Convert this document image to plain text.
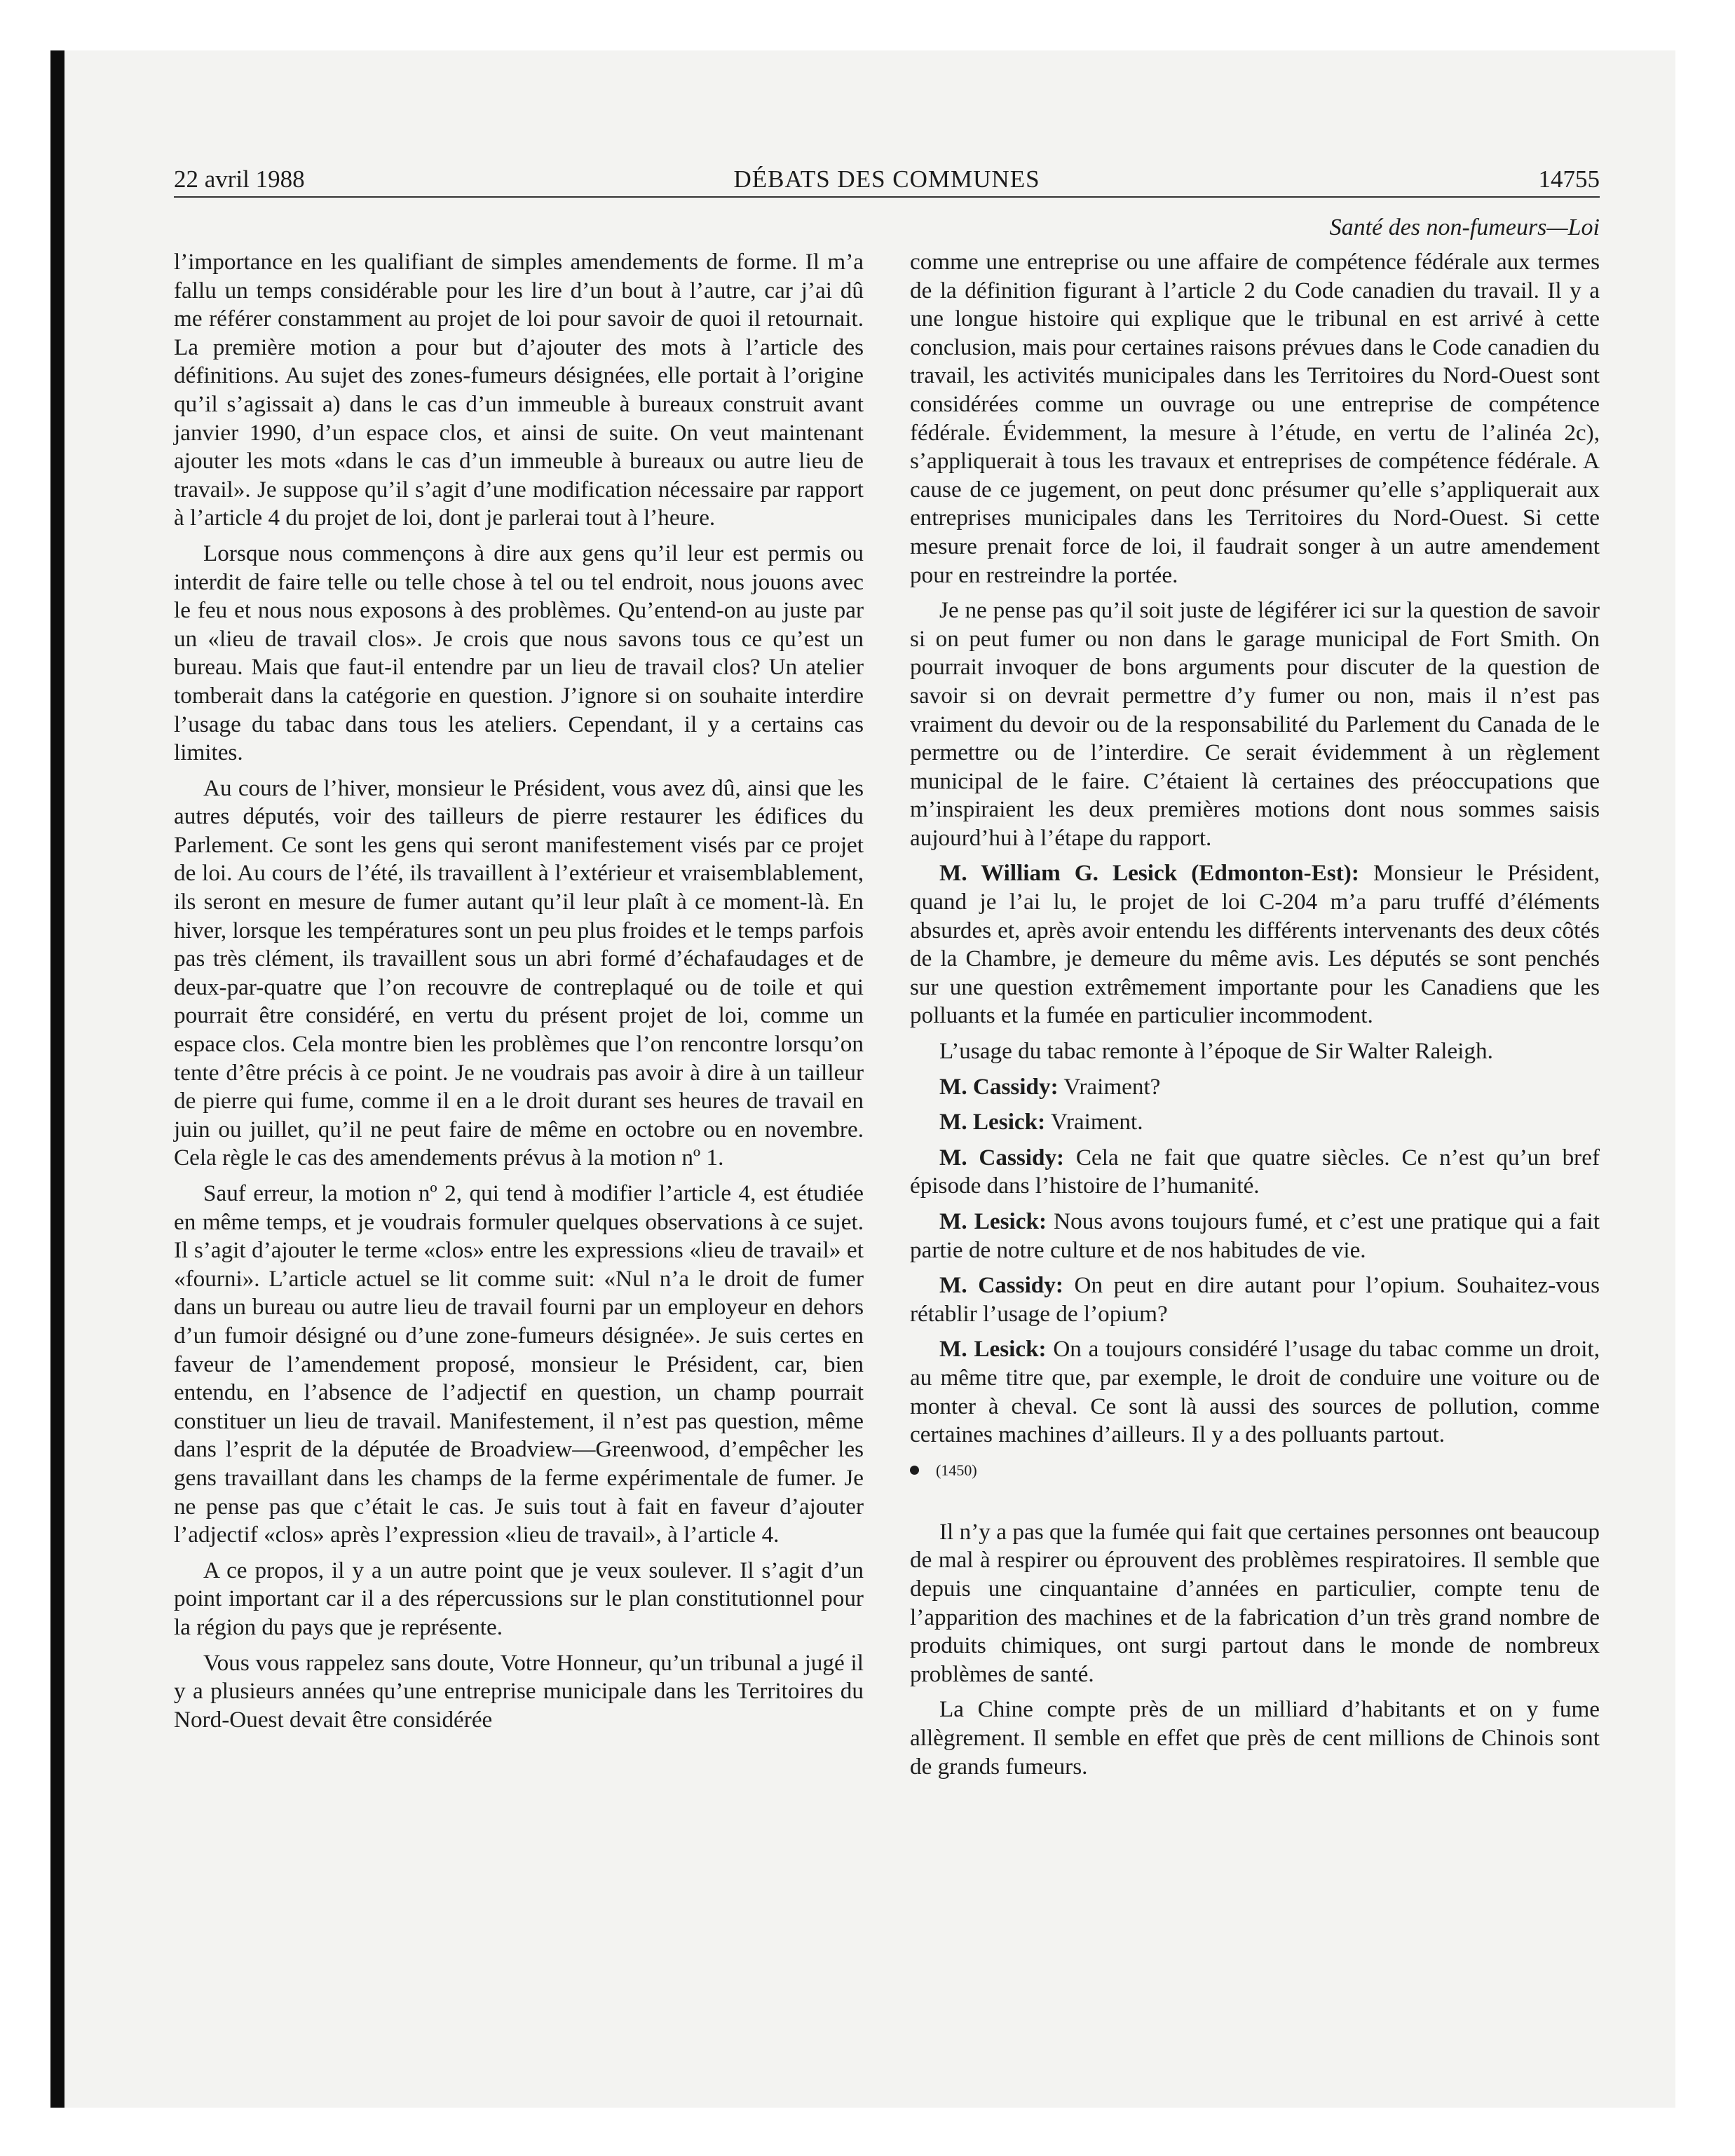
22 avril 1988	DÉBATS DES COMMUNES	14755
Santé des non-fumeurs—Loi

l’importance en les qualifiant de simples amendements de forme. Il m’a fallu un temps considérable pour les lire d’un bout à l’autre, car j’ai dû me référer constamment au projet de loi pour savoir de quoi il retournait. La première motion a pour but d’ajouter des mots à l’article des définitions. Au sujet des zones-fumeurs désignées, elle portait à l’origine qu’il s’agissait a) dans le cas d’un immeuble à bureaux construit avant janvier 1990, d’un espace clos, et ainsi de suite. On veut maintenant ajouter les mots «dans le cas d’un immeuble à bureaux ou autre lieu de travail». Je suppose qu’il s’agit d’une modification nécessaire par rapport à l’article 4 du projet de loi, dont je parlerai tout à l’heure.

Lorsque nous commençons à dire aux gens qu’il leur est permis ou interdit de faire telle ou telle chose à tel ou tel endroit, nous jouons avec le feu et nous nous exposons à des problèmes. Qu’entend-on au juste par un «lieu de travail clos». Je crois que nous savons tous ce qu’est un bureau. Mais que faut-il entendre par un lieu de travail clos? Un atelier tomberait dans la catégorie en question. J’ignore si on souhaite interdire l’usage du tabac dans tous les ateliers. Cependant, il y a certains cas limites.

Au cours de l’hiver, monsieur le Président, vous avez dû, ainsi que les autres députés, voir des tailleurs de pierre restaurer les édifices du Parlement. Ce sont les gens qui seront manifestement visés par ce projet de loi. Au cours de l’été, ils travaillent à l’extérieur et vraisemblablement, ils seront en mesure de fumer autant qu’il leur plaît à ce moment-là. En hiver, lorsque les températures sont un peu plus froides et le temps parfois pas très clément, ils travaillent sous un abri formé d’échafaudages et de deux-par-quatre que l’on recouvre de contreplaqué ou de toile et qui pourrait être considéré, en vertu du présent projet de loi, comme un espace clos. Cela montre bien les problèmes que l’on rencontre lorsqu’on tente d’être précis à ce point. Je ne voudrais pas avoir à dire à un tailleur de pierre qui fume, comme il en a le droit durant ses heures de travail en juin ou juillet, qu’il ne peut faire de même en octobre ou en novembre. Cela règle le cas des amendements prévus à la motion nº 1.

Sauf erreur, la motion nº 2, qui tend à modifier l’article 4, est étudiée en même temps, et je voudrais formuler quelques observations à ce sujet. Il s’agit d’ajouter le terme «clos» entre les expressions «lieu de travail» et «fourni». L’article actuel se lit comme suit: «Nul n’a le droit de fumer dans un bureau ou autre lieu de travail fourni par un employeur en dehors d’un fumoir désigné ou d’une zone-fumeurs désignée». Je suis certes en faveur de l’amendement proposé, monsieur le Président, car, bien entendu, en l’absence de l’adjectif en question, un champ pourrait constituer un lieu de travail. Manifestement, il n’est pas question, même dans l’esprit de la députée de Broadview—Greenwood, d’empêcher les gens travaillant dans les champs de la ferme expérimentale de fumer. Je ne pense pas que c’était le cas. Je suis tout à fait en faveur d’ajouter l’adjectif «clos» après l’expression «lieu de travail», à l’article 4.

A ce propos, il y a un autre point que je veux soulever. Il s’agit d’un point important car il a des répercussions sur le plan constitutionnel pour la région du pays que je représente.

Vous vous rappelez sans doute, Votre Honneur, qu’un tribunal a jugé il y a plusieurs années qu’une entreprise municipale dans les Territoires du Nord-Ouest devait être considérée

comme une entreprise ou une affaire de compétence fédérale aux termes de la définition figurant à l’article 2 du Code canadien du travail. Il y a une longue histoire qui explique que le tribunal en est arrivé à cette conclusion, mais pour certaines raisons prévues dans le Code canadien du travail, les activités municipales dans les Territoires du Nord-Ouest sont considérées comme un ouvrage ou une entreprise de compétence fédérale. Évidemment, la mesure à l’étude, en vertu de l’alinéa 2c), s’appliquerait à tous les travaux et entreprises de compétence fédérale. A cause de ce jugement, on peut donc présumer qu’elle s’appliquerait aux entreprises municipales dans les Territoires du Nord-Ouest. Si cette mesure prenait force de loi, il faudrait songer à un autre amendement pour en restreindre la portée.

Je ne pense pas qu’il soit juste de légiférer ici sur la question de savoir si on peut fumer ou non dans le garage municipal de Fort Smith. On pourrait invoquer de bons arguments pour discuter de la question de savoir si on devrait permettre d’y fumer ou non, mais il n’est pas vraiment du devoir ou de la responsabilité du Parlement du Canada de le permettre ou de l’interdire. Ce serait évidemment à un règlement municipal de le faire. C’étaient là certaines des préoccupations que m’inspiraient les deux premières motions dont nous sommes saisis aujourd’hui à l’étape du rapport.

M. William G. Lesick (Edmonton-Est): Monsieur le Président, quand je l’ai lu, le projet de loi C-204 m’a paru truffé d’éléments absurdes et, après avoir entendu les différents intervenants des deux côtés de la Chambre, je demeure du même avis. Les députés se sont penchés sur une question extrêmement importante pour les Canadiens que les polluants et la fumée en particulier incommodent.

L’usage du tabac remonte à l’époque de Sir Walter Raleigh.

M. Cassidy: Vraiment?

M. Lesick: Vraiment.

M. Cassidy: Cela ne fait que quatre siècles. Ce n’est qu’un bref épisode dans l’histoire de l’humanité.

M. Lesick: Nous avons toujours fumé, et c’est une pratique qui a fait partie de notre culture et de nos habitudes de vie.

M. Cassidy: On peut en dire autant pour l’opium. Souhaitez-vous rétablir l’usage de l’opium?

M. Lesick: On a toujours considéré l’usage du tabac comme un droit, au même titre que, par exemple, le droit de conduire une voiture ou de monter à cheval. Ce sont là aussi des sources de pollution, comme certaines machines d’ailleurs. Il y a des polluants partout.

(1450)

Il n’y a pas que la fumée qui fait que certaines personnes ont beaucoup de mal à respirer ou éprouvent des problèmes respiratoires. Il semble que depuis une cinquantaine d’années en particulier, compte tenu de l’apparition des machines et de la fabrication d’un très grand nombre de produits chimiques, ont surgi partout dans le monde de nombreux problèmes de santé.

La Chine compte près de un milliard d’habitants et on y fume allègrement. Il semble en effet que près de cent millions de Chinois sont de grands fumeurs.
